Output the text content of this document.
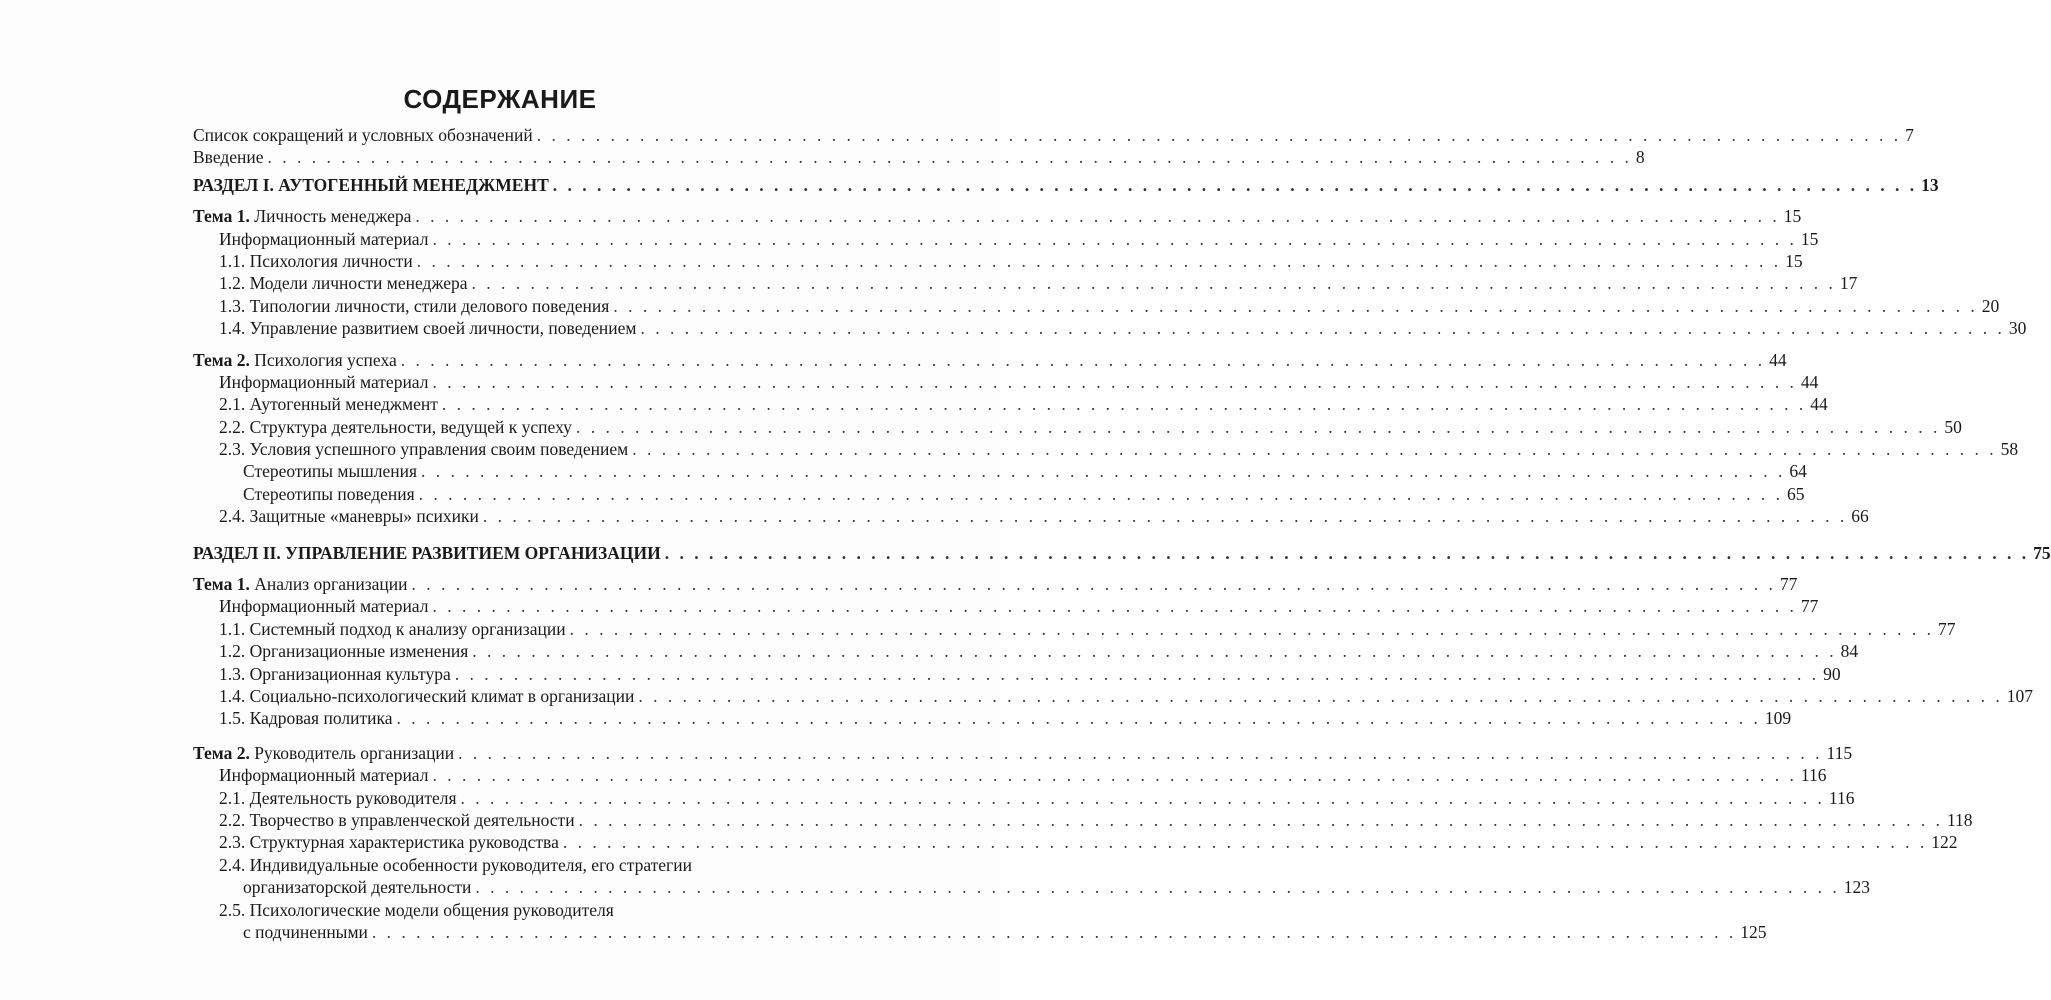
СОДЕРЖАНИЕ
Список сокращений и условных обозначений . . .	7
Введение . . .	8
РАЗДЕЛ I. АУТОГЕННЫЙ МЕНЕДЖМЕНТ . . .	13
Тема 1. Личность менеджера . . .	15
Информационный материал . . .	15
1.1. Психология личности . . .	15
1.2. Модели личности менеджера . . .	17
1.3. Типологии личности, стили делового поведения . . .	20
1.4. Управление развитием своей личности, поведением . . .	30
Тема 2. Психология успеха . . .	44
Информационный материал . . .	44
2.1. Аутогенный менеджмент . . .	44
2.2. Структура деятельности, ведущей к успеху . . .	50
2.3. Условия успешного управления своим поведением . . .	58
Стереотипы мышления . . .	64
Стереотипы поведения . . .	65
2.4. Защитные «маневры» психики . . .	66
РАЗДЕЛ II. УПРАВЛЕНИЕ РАЗВИТИЕМ ОРГАНИЗАЦИИ . . .	75
Тема 1. Анализ организации . . .	77
Информационный материал . . .	77
1.1. Системный подход к анализу организации . . .	77
1.2. Организационные изменения . . .	84
1.3. Организационная культура . . .	90
1.4. Социально-психологический климат в организации . . .	107
1.5. Кадровая политика . . .	109
Тема 2. Руководитель организации . . .	115
Информационный материал . . .	116
2.1. Деятельность руководителя . . .	116
2.2. Творчество в управленческой деятельности . . .	118
2.3. Структурная характеристика руководства . . .	122
2.4. Индивидуальные особенности руководителя, его стратегии
организаторской деятельности . . .	123
2.5. Психологические модели общения руководителя
с подчиненными . . .	125
